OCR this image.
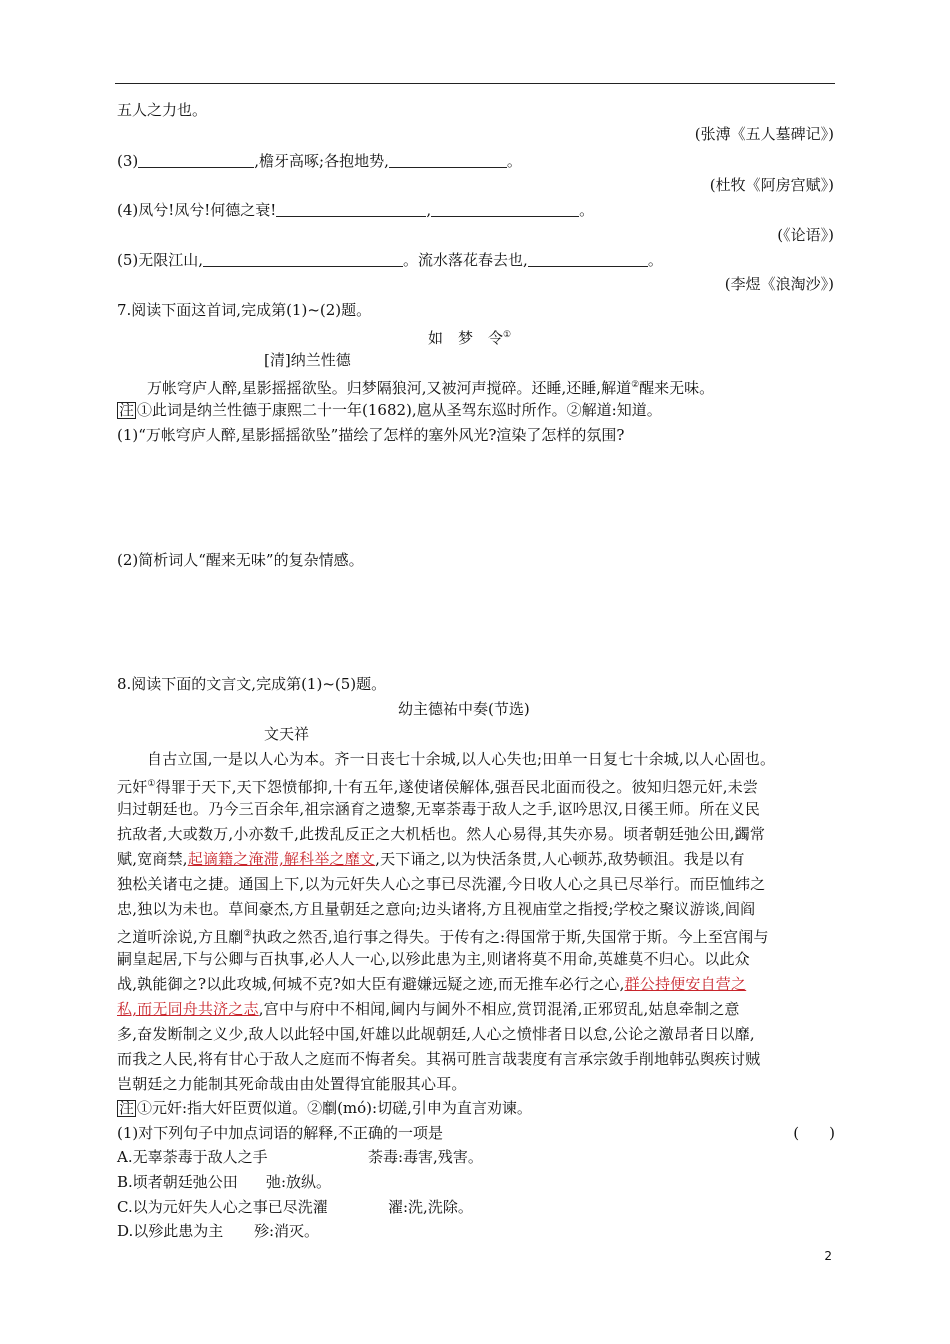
五人之力也。
(张溥《五人墓碑记》)
(3)	,檐牙高啄;各抱地势,	。
(杜牧《阿房宫赋》)
(4)凤兮!凤兮!何德之衰!	,	。
(《论语》)
(5)无限江山,	。流水落花春去也,	。
(李煜《浪淘沙》)
7.阅读下面这首词,完成第(1)~(2)题。
如　梦　令①
[清]纳兰性德
万帐穹庐人醉,星影摇摇欲坠。归梦隔狼河,又被河声搅碎。还睡,还睡,解道②醒来无味。
注 ①此词是纳兰性德于康熙二十一年(1682),扈从圣驾东巡时所作。②解道:知道。
(1)“万帐穹庐人醉,星影摇摇欲坠”描绘了怎样的塞外风光?渲染了怎样的氛围?
(2)简析词人“醒来无味”的复杂情感。
8.阅读下面的文言文,完成第(1)~(5)题。
幼主德祐中奏(节选)
文天祥
自古立国,一是以人心为本。齐一日丧七十余城,以人心失也;田单一日复七十余城,以人心固也。
元奸①得罪于天下,天下怨愤郁抑,十有五年,遂使诸侯解体,强吾民北面而役之。彼知归怨元奸,未尝
归过朝廷也。乃今三百余年,祖宗涵育之遗黎,无辜荼毒于敌人之手,讴吟思汉,日徯王师。所在义民
抗敌者,大或数万,小亦数千,此拨乱反正之大机栝也。然人心易得,其失亦易。顷者朝廷弛公田,蠲常
赋,宽商禁,起谪籍之淹滞,解科举之靡文,天下诵之,以为快活条贯,人心顿苏,敌势顿沮。我是以有
独松关诸屯之捷。通国上下,以为元奸失人心之事已尽洗濯,今日收人心之具已尽举行。而臣恤纬之
忠,独以为未也。草间豪杰,方且量朝廷之意向;边头诸将,方且视庙堂之指授;学校之聚议游谈,闾阎
之道听涂说,方且劘②执政之然否,追行事之得失。于传有之:得国常于斯,失国常于斯。今上至宫闱与
嗣皇起居,下与公卿与百执事,必人人一心,以殄此患为主,则诸将莫不用命,英雄莫不归心。以此众
战,孰能御之?以此攻城,何城不克?如大臣有避嫌远疑之迹,而无推车必行之心,群公持便安自营之
私,而无同舟共济之志,宫中与府中不相闻,阃内与阃外不相应,赏罚混淆,正邪贸乱,姑息牵制之意
多,奋发断制之义少,敌人以此轻中国,奸雄以此觇朝廷,人心之愤悱者日以怠,公论之激昂者日以靡,
而我之人民,将有甘心于敌人之庭而不悔者矣。其祸可胜言哉裴度有言承宗敛手削地韩弘舆疾讨贼
岂朝廷之力能制其死命哉由由处置得宜能服其心耳。
注 ①元奸:指大奸臣贾似道。②劘(mó):切磋,引申为直言劝谏。
(1)对下列句子中加点词语的解释,不正确的一项是	(　　)
A.无辜荼毒于敌人之手	荼毒:毒害,残害。
B.顷者朝廷弛公田 弛:放纵。
C.以为元奸失人心之事已尽洗濯	濯:洗,洗除。
D.以殄此患为主 殄:消灭。
2
